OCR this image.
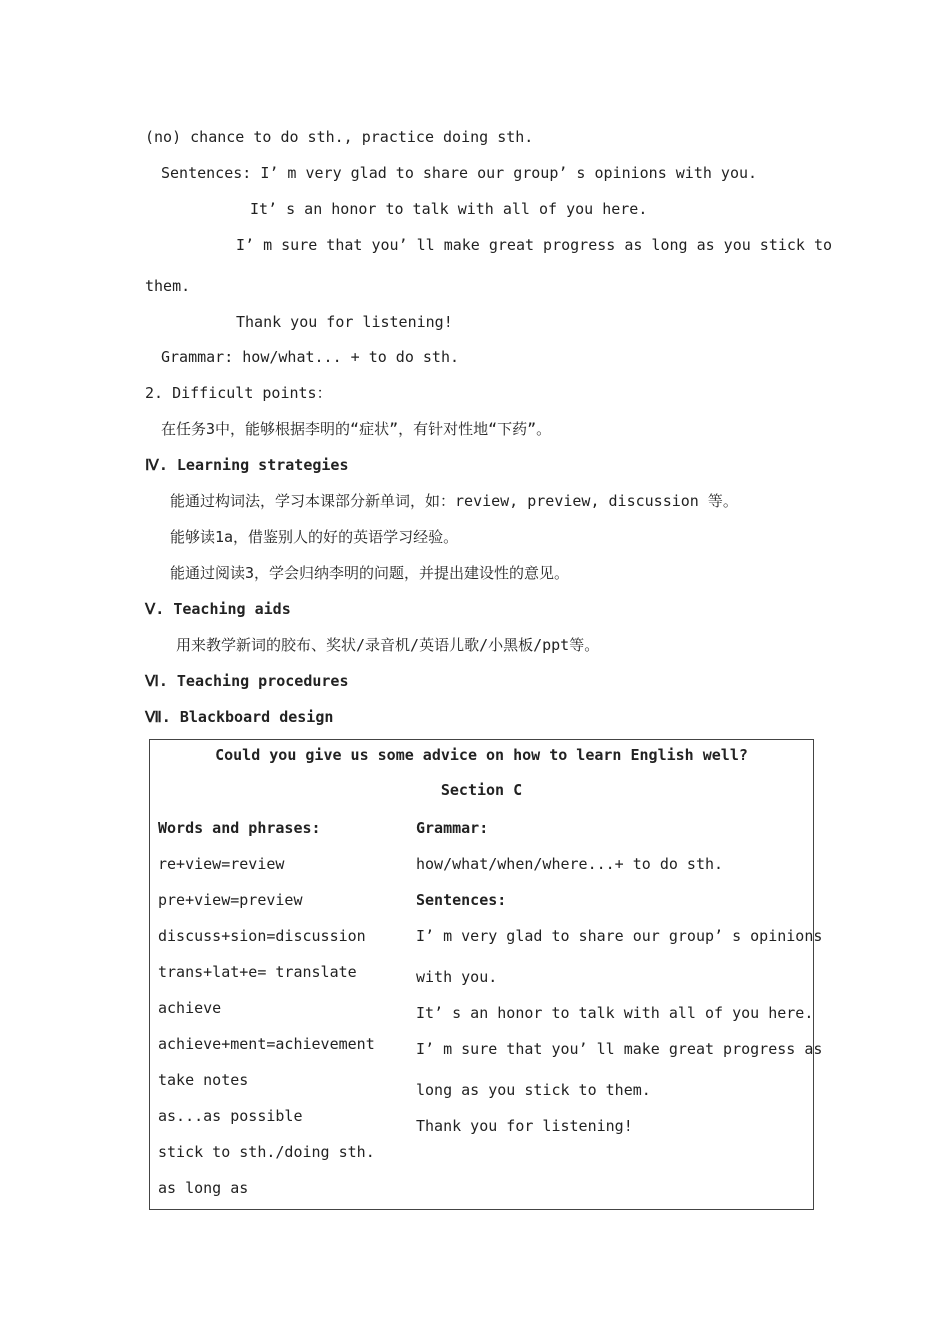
(no) chance to do sth., practice doing sth.
Sentences: I’ m very glad to share our group’ s opinions with you.
It’ s an honor to talk with all of you here.
I’ m sure that you’ ll make great progress as long as you stick to
them.
Thank you for listening!
Grammar: how/what... + to do sth.
2. Difficult points：
在任务3中，能够根据李明的“症状”，有针对性地“下药”。
Ⅳ. Learning strategies
能通过构词法，学习本课部分新单词，如：review, preview, discussion 等。
能够读1a，借鉴别人的好的英语学习经验。
能通过阅读3，学会归纳李明的问题，并提出建设性的意见。
Ⅴ. Teaching aids
用来教学新词的胶布、奖状/录音机/英语儿歌/小黑板/ppt等。
Ⅵ. Teaching procedures
Ⅶ. Blackboard design
Could you give us some advice on how to learn English well?
Section C
Words and phrases:
re+view=review
pre+view=preview
discuss+sion=discussion
trans+lat+e= translate
achieve
achieve+ment=achievement
take notes
as...as possible
stick to sth./doing sth.
as long as
Grammar:
how/what/when/where...+ to do sth.
Sentences:
I’ m very glad to share our group’ s opinions
with you.
It’ s an honor to talk with all of you here.
I’ m sure that you’ ll make great progress as
long as you stick to them.
Thank you for listening!
